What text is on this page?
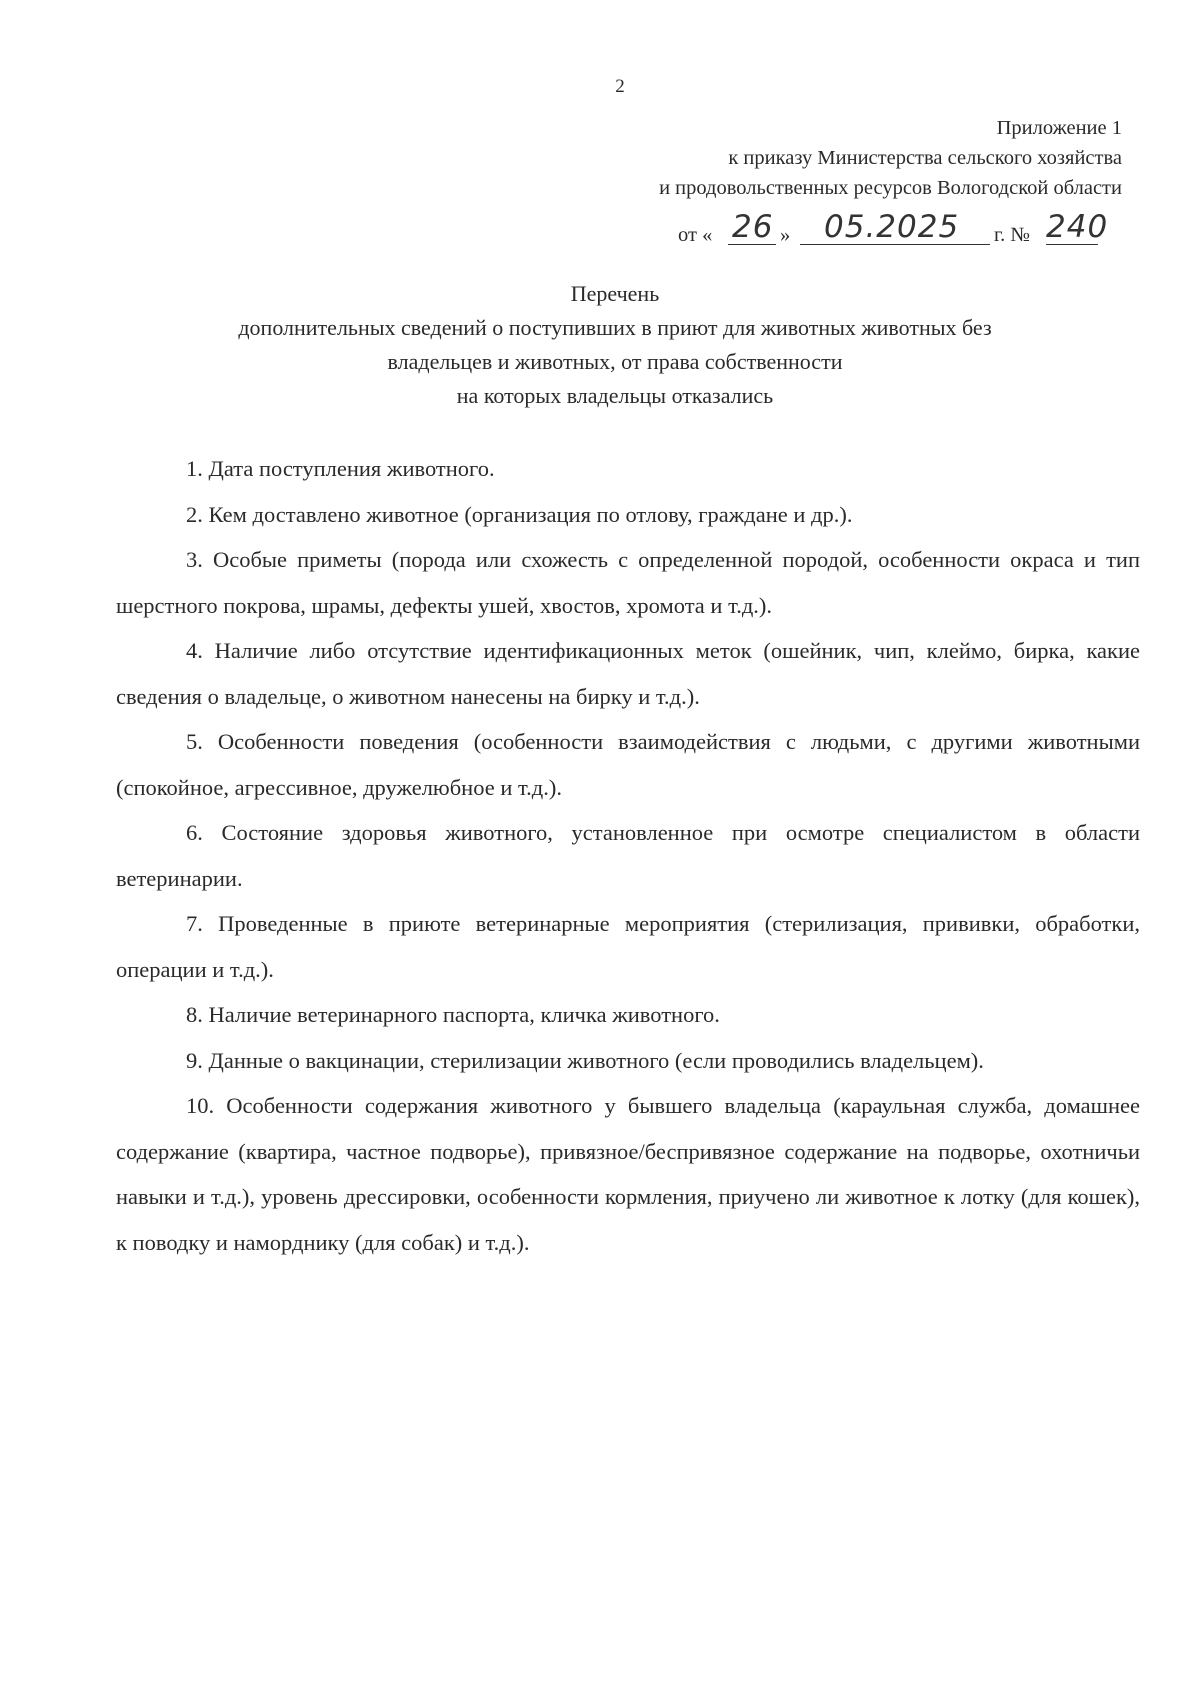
2
Приложение 1
к приказу Министерства сельского хозяйства
и продовольственных ресурсов Вологодской области
от « 26 » 05.2025 г. № 240
Перечень
дополнительных сведений о поступивших в приют для животных животных без
владельцев и животных, от права собственности
на которых владельцы отказались

1. Дата поступления животного.

2. Кем доставлено животное (организация по отлову, граждане и др.).

3. Особые приметы (порода или схожесть с определенной породой, особенности окраса и тип шерстного покрова, шрамы, дефекты ушей, хвостов, хромота и т.д.).

4. Наличие либо отсутствие идентификационных меток (ошейник, чип, клеймо, бирка, какие сведения о владельце, о животном нанесены на бирку и т.д.).

5. Особенности поведения (особенности взаимодействия с людьми, с другими животными (спокойное, агрессивное, дружелюбное и т.д.).

6. Состояние здоровья животного, установленное при осмотре специалистом в области ветеринарии.

7. Проведенные в приюте ветеринарные мероприятия (стерилизация, прививки, обработки, операции и т.д.).

8. Наличие ветеринарного паспорта, кличка животного.

9. Данные о вакцинации, стерилизации животного (если проводились владельцем).

10. Особенности содержания животного у бывшего владельца (караульная служба, домашнее содержание (квартира, частное подворье), привязное/беспривязное содержание на подворье, охотничьи навыки и т.д.), уровень дрессировки, особенности кормления, приучено ли животное к лотку (для кошек), к поводку и наморднику (для собак) и т.д.).
